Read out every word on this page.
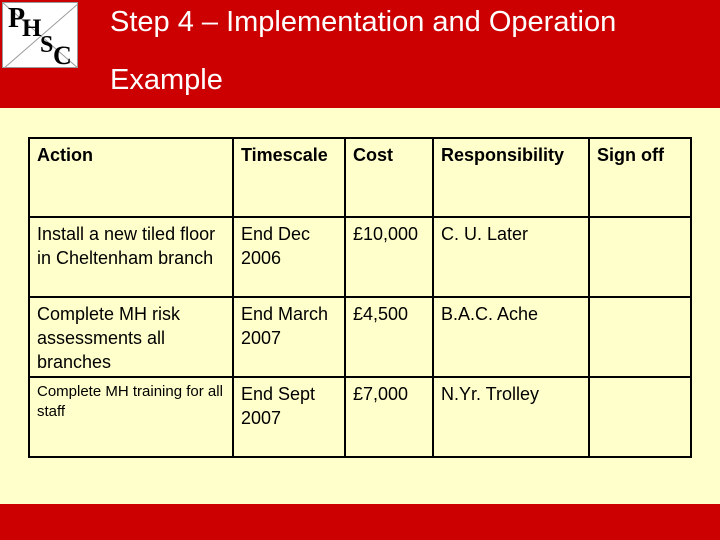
P
H
S C
Step 4 – Implementation and Operation
Example
Action	Timescale	Cost	Responsibility	Sign off
Install a new tiled floor in Cheltenham branch	End Dec 2006	£10,000	C. U. Later	
Complete MH risk assessments all branches	End March 2007	£4,500	B.A.C. Ache	
Complete MH training for all staff	End Sept 2007	£7,000	N.Yr. Trolley	
